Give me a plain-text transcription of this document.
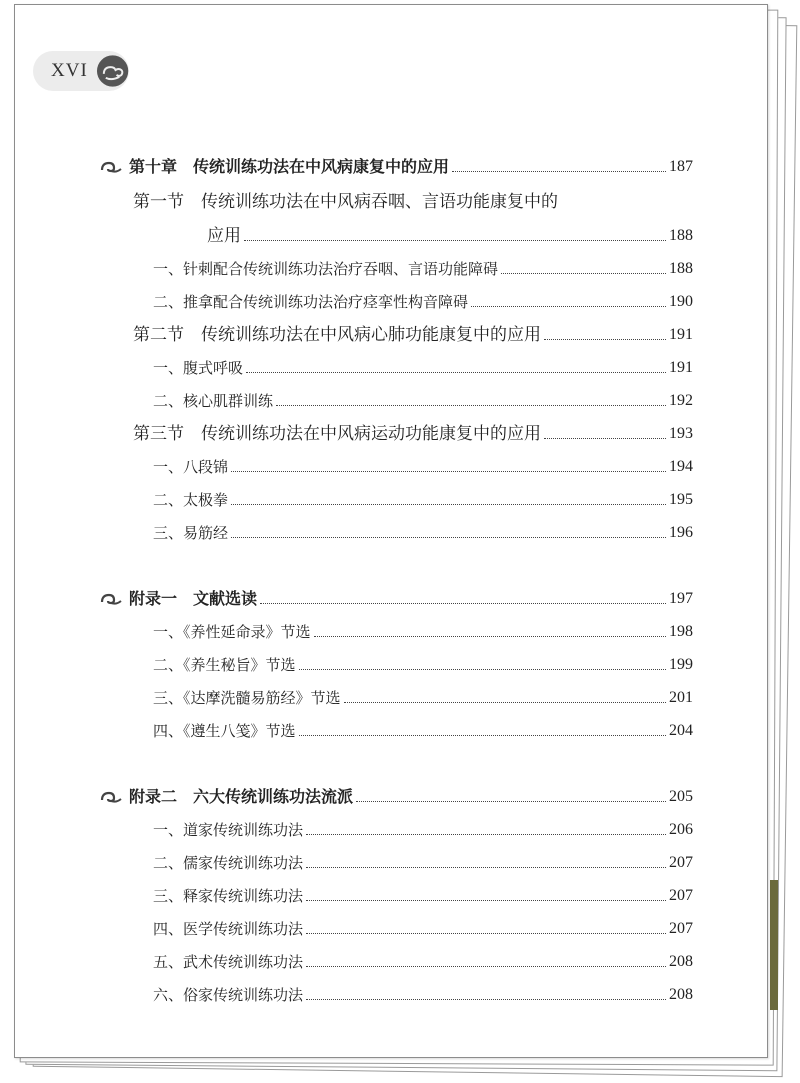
XVI
第十章　传统训练功法在中风病康复中的应用	187
第一节　传统训练功法在中风病吞咽、言语功能康复中的
应用	188
一、针刺配合传统训练功法治疗吞咽、言语功能障碍	188
二、推拿配合传统训练功法治疗痉挛性构音障碍	190
第二节　传统训练功法在中风病心肺功能康复中的应用	191
一、腹式呼吸	191
二、核心肌群训练	192
第三节　传统训练功法在中风病运动功能康复中的应用	193
一、八段锦	194
二、太极拳	195
三、易筋经	196
附录一　文献选读	197
一、《养性延命录》节选	198
二、《养生秘旨》节选	199
三、《达摩洗髓易筋经》节选	201
四、《遵生八笺》节选	204
附录二　六大传统训练功法流派	205
一、道家传统训练功法	206
二、儒家传统训练功法	207
三、释家传统训练功法	207
四、医学传统训练功法	207
五、武术传统训练功法	208
六、俗家传统训练功法	208
